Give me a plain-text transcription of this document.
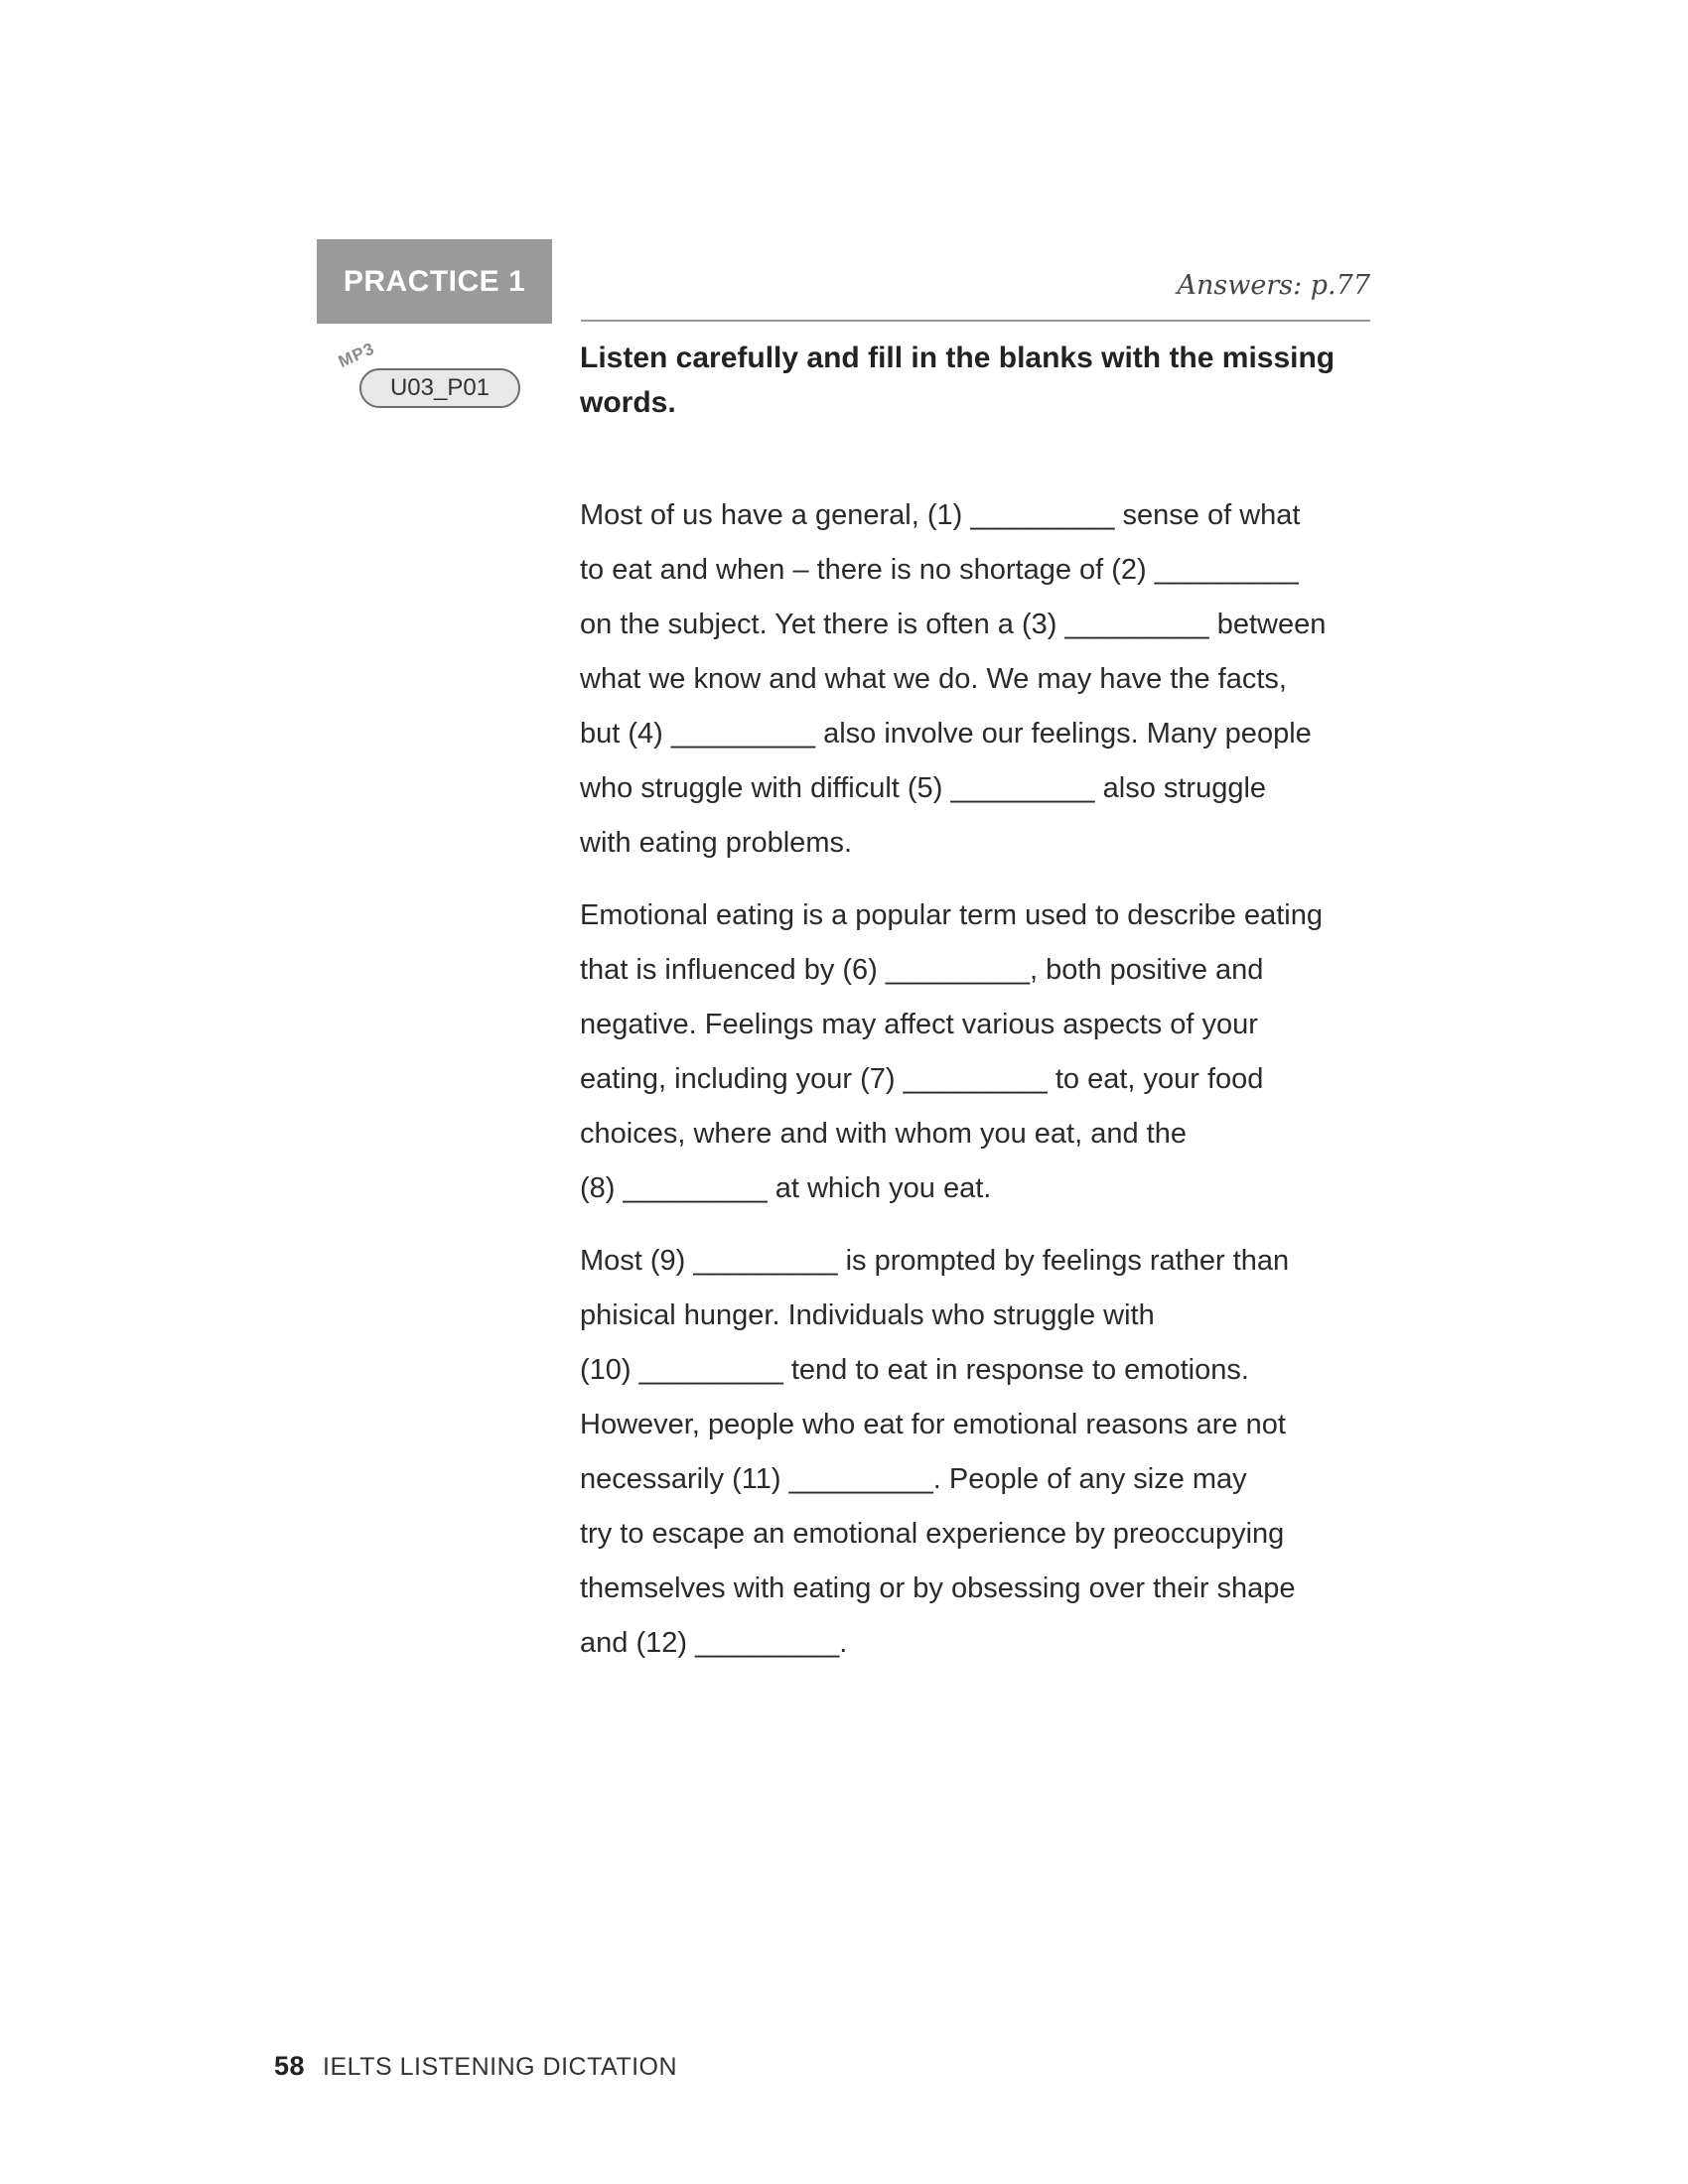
PRACTICE 1
MP3
U03_P01
Answers: p.77
Listen carefully and fill in the blanks with the missing words.

Most of us have a general, (1) _________ sense of what
to eat and when – there is no shortage of (2) _________
on the subject. Yet there is often a (3) _________ between
what we know and what we do. We may have the facts,
but (4) _________ also involve our feelings. Many people
who struggle with difficult (5) _________ also struggle
with eating problems.

Emotional eating is a popular term used to describe eating
that is influenced by (6) _________, both positive and
negative. Feelings may affect various aspects of your
eating, including your (7) _________ to eat, your food
choices, where and with whom you eat, and the
(8) _________ at which you eat.

Most (9) _________ is prompted by feelings rather than
phisical hunger. Individuals who struggle with
(10) _________ tend to eat in response to emotions.
However, people who eat for emotional reasons are not
necessarily (11) _________. People of any size may
try to escape an emotional experience by preoccupying
themselves with eating or by obsessing over their shape
and (12) _________.

58 IELTS LISTENING DICTATION
